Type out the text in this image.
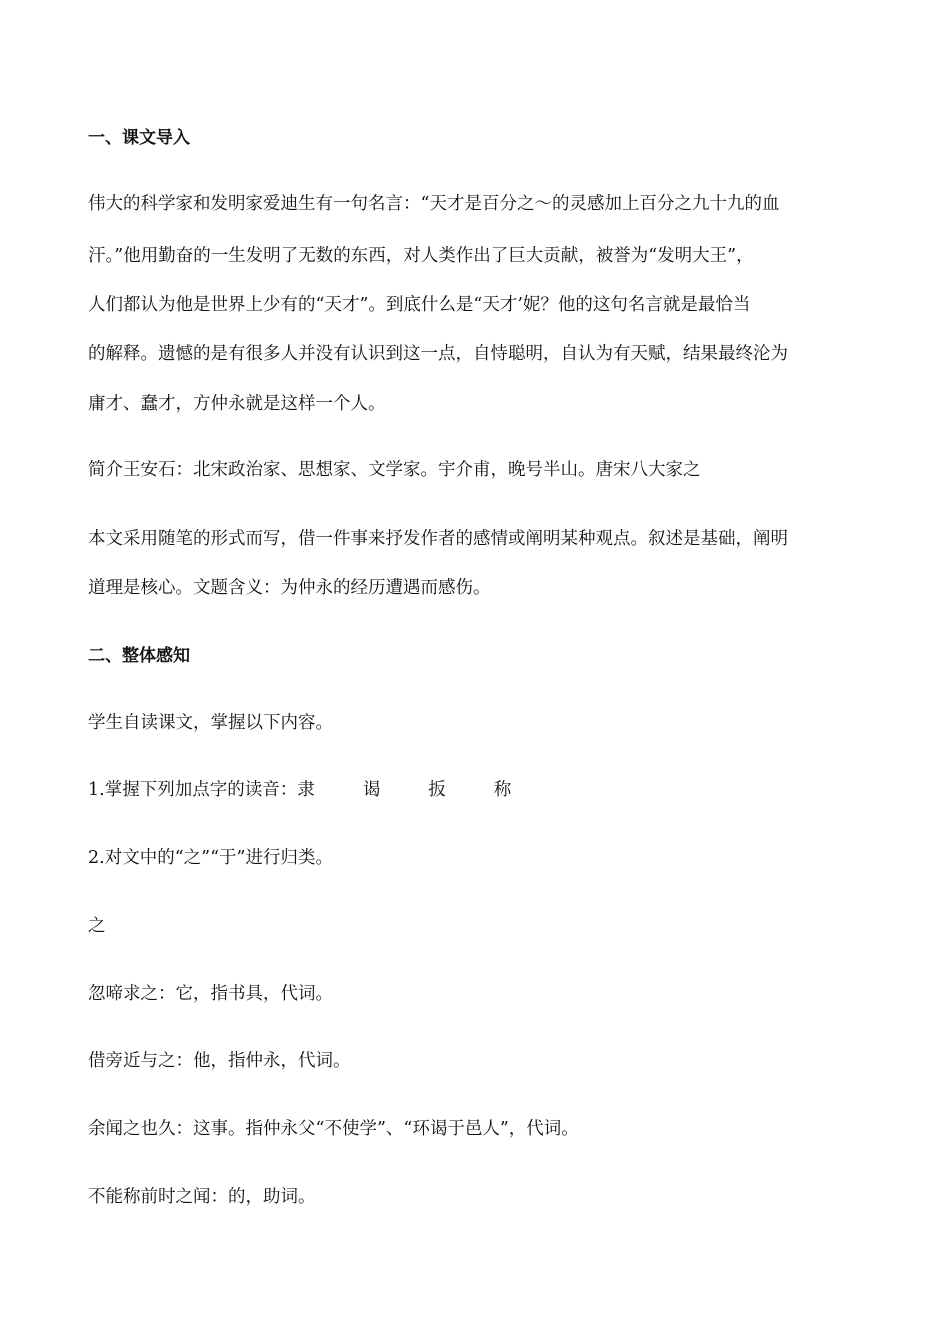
一、课文导入
伟大的科学家和发明家爱迪生有一句名言：“天才是百分之～的灵感加上百分之九十九的血
汗。”他用勤奋的一生发明了无数的东西，对人类作出了巨大贡献，被誉为“发明大王”，
人们都认为他是世界上少有的“天才”。到底什么是“天才’妮？他的这句名言就是最恰当
的解释。遗憾的是有很多人并没有认识到这一点，自恃聪明，自认为有天赋，结果最终沦为
庸才、蠢才，方仲永就是这样一个人。
简介王安石：北宋政治家、思想家、文学家。宇介甫，晚号半山。唐宋八大家之
本文采用随笔的形式而写，借一件事来抒发作者的感情或阐明某种观点。叙述是基础，阐明
道理是核心。文题含义：为仲永的经历遭遇而感伤。
二、整体感知
学生自读课文，掌握以下内容。
1.掌握下列加点字的读音：隶	谒	扳	称
2.对文中的“之”“于”进行归类。
之
忽啼求之：它，指书具，代词。
借旁近与之：他，指仲永，代词。
余闻之也久：这事。指仲永父“不使学”、“环谒于邑人”，代词。
不能称前时之闻：的，助词。
